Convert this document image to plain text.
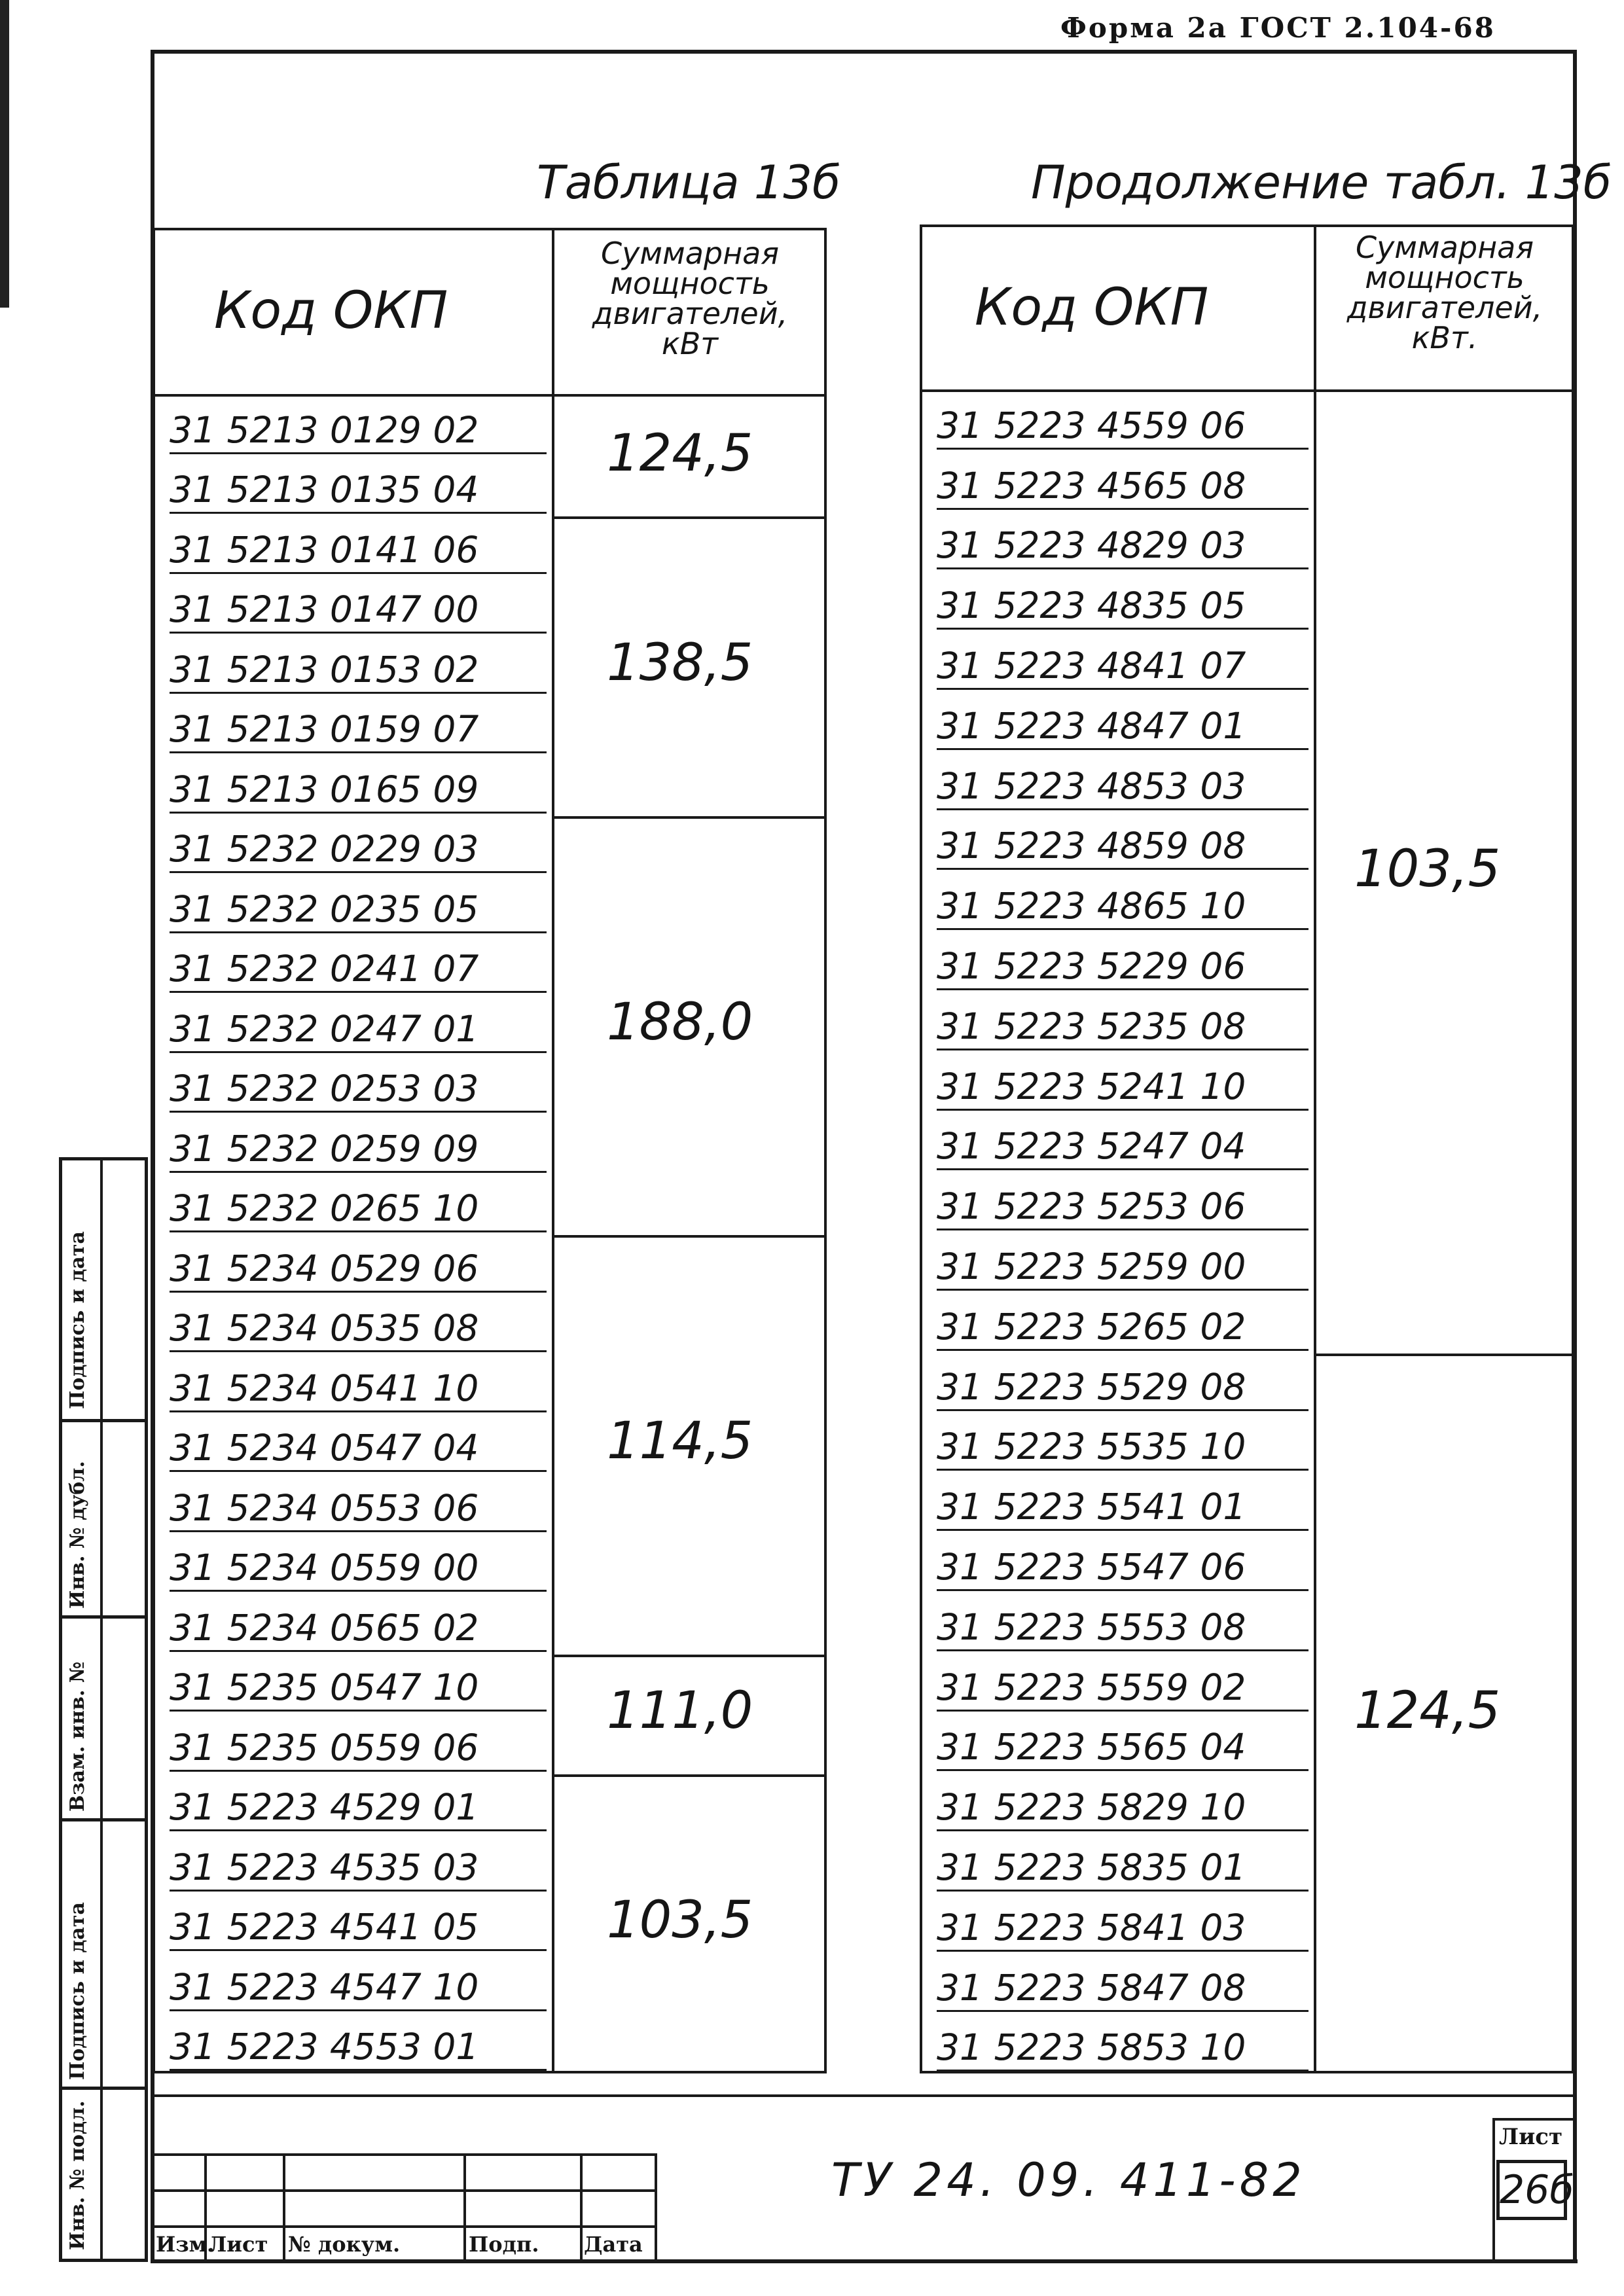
Форма 2а ГОСТ 2.104-68
Таблица 13б
Код ОКП
Суммарная
мощность
двигателей,
кВт
31 5213 0129 02
31 5213 0135 04
31 5213 0141 06
31 5213 0147 00
31 5213 0153 02
31 5213 0159 07
31 5213 0165 09
31 5232 0229 03
31 5232 0235 05
31 5232 0241 07
31 5232 0247 01
31 5232 0253 03
31 5232 0259 09
31 5232 0265 10
31 5234 0529 06
31 5234 0535 08
31 5234 0541 10
31 5234 0547 04
31 5234 0553 06
31 5234 0559 00
31 5234 0565 02
31 5235 0547 10
31 5235 0559 06
31 5223 4529 01
31 5223 4535 03
31 5223 4541 05
31 5223 4547 10
31 5223 4553 01
124,5
138,5
188,0
114,5
111,0
103,5
Продолжение табл. 13б
Код ОКП
Суммарная
мощность
двигателей,
кВт.
31 5223 4559 06
31 5223 4565 08
31 5223 4829 03
31 5223 4835 05
31 5223 4841 07
31 5223 4847 01
31 5223 4853 03
31 5223 4859 08
31 5223 4865 10
31 5223 5229 06
31 5223 5235 08
31 5223 5241 10
31 5223 5247 04
31 5223 5253 06
31 5223 5259 00
31 5223 5265 02
31 5223 5529 08
31 5223 5535 10
31 5223 5541 01
31 5223 5547 06
31 5223 5553 08
31 5223 5559 02
31 5223 5565 04
31 5223 5829 10
31 5223 5835 01
31 5223 5841 03
31 5223 5847 08
31 5223 5853 10
103,5
124,5
Подпись и дата
Инв. № дубл.
Взам. инв. №
Подпись и дата
Инв. № подл.	Изм.
Лист № докум.	Подп. Дата
ТУ 24. 09. 411-82
Лист
26б
